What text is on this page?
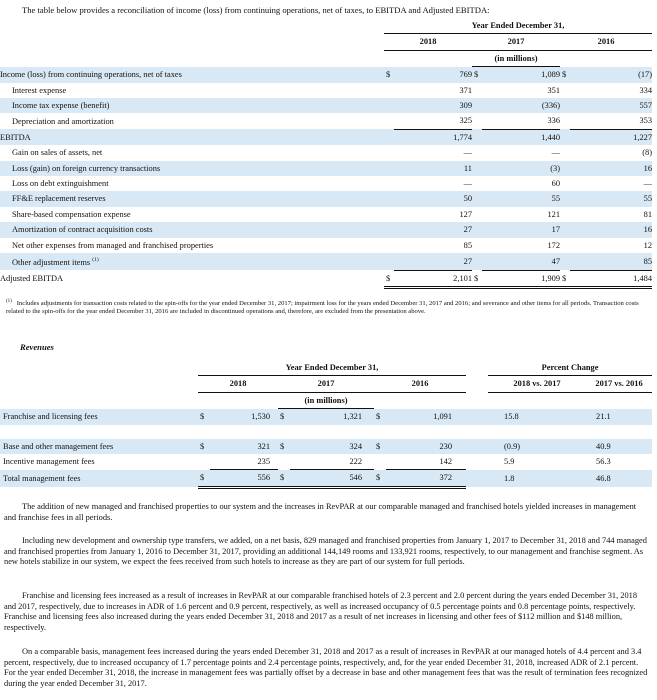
The table below provides a reconciliation of income (loss) from continuing operations, net of taxes, to EBITDA and Adjusted EBITDA:
	Year Ended December 31,					
	2018		2017		2016	
			(in millions)			
Income (loss) from continuing operations, net of taxes	$	769	$	1,089	$	(17)
Interest expense		371		351		334
Income tax expense (benefit)		309		(336)		557
Depreciation and amortization		325		336		353
EBITDA		1,774		1,440		1,227
Gain on sales of assets, net		—		—		(8)
Loss (gain) on foreign currency transactions		11		(3)		16
Loss on debt extinguishment		—		60		—
FF&E replacement reserves		50		55		55
Share-based compensation expense		127		121		81
Amortization of contract acquisition costs		27		17		16
Net other expenses from managed and franchised properties		85		172		12
Other adjustment items $^{(1)}$		27		47		85
Adjusted EBITDA	$	2,101	$	1,909	$	1,484
$^{(1)}$ Includes adjustments for transaction costs related to the spin-offs for the year ended December 31, 2017; impairment loss for the years ended December 31, 2017 and 2016; and severance and other items for all periods. Transaction costs related to the spin-offs for the year ended December 31, 2016 are included in discontinued operations and, therefore, are excluded from the presentation above.
Revenues
	Year Ended December 31,							Percent Change		
	2018		2017		2016			2018 vs. 2017		2017 vs. 2016
			(in millions)							
Franchise and licensing fees	$	1,530	$	1,321	$	1,091		15.8		21.1

Base and other management fees	$	321	$	324	$	230		(0.9)		40.9
Incentive management fees		235		222		142		5.9		56.3
Total management fees	$	556	$	546	$	372		1.8		46.8

The addition of new managed and franchised properties to our system and the increases in RevPAR at our comparable managed and franchised hotels yielded increases in management and franchise fees in all periods.

Including new development and ownership type transfers, we added, on a net basis, 829 managed and franchised properties from January 1, 2017 to December 31, 2018 and 744 managed and franchised properties from January 1, 2016 to December 31, 2017, providing an additional 144,149 rooms and 133,921 rooms, respectively, to our management and franchise segment. As new hotels stabilize in our system, we expect the fees received from such hotels to increase as they are part of our system for full periods.

Franchise and licensing fees increased as a result of increases in RevPAR at our comparable franchised hotels of 2.3 percent and 2.0 percent during the years ended December 31, 2018 and 2017, respectively, due to increases in ADR of 1.6 percent and 0.9 percent, respectively, as well as increased occupancy of 0.5 percentage points and 0.8 percentage points, respectively. Franchise and licensing fees also increased during the years ended December 31, 2018 and 2017 as a result of net increases in licensing and other fees of $112 million and $148 million, respectively.

On a comparable basis, management fees increased during the years ended December 31, 2018 and 2017 as a result of increases in RevPAR at our managed hotels of 4.4 percent and 3.4 percent, respectively, due to increased occupancy of 1.7 percentage points and 2.4 percentage points, respectively, and, for the year ended December 31, 2018, increased ADR of 2.1 percent. For the year ended December 31, 2018, the increase in management fees was partially offset by a decrease in base and other management fees that was the result of termination fees recognized during the year ended December 31, 2017.
